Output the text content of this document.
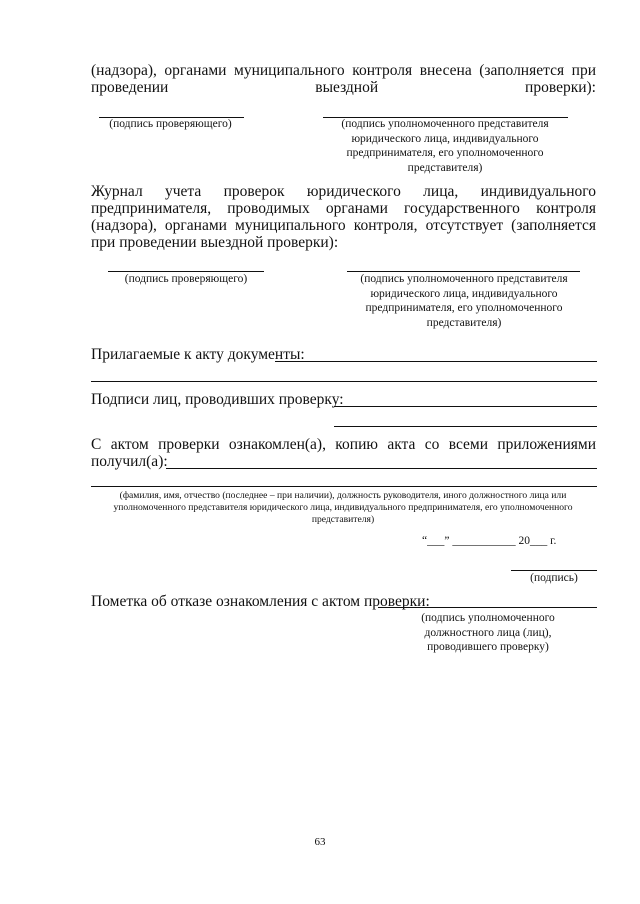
(надзора), органами муниципального контроля внесена (заполняется при проведении выездной проверки):
(подпись проверяющего)	(подпись уполномоченного представителя юридического лица, индивидуального предпринимателя, его уполномоченного представителя)
Журнал учета проверок юридического лица, индивидуального предпринимателя, проводимых органами государственного контроля (надзора), органами муниципального контроля, отсутствует (заполняется при проведении выездной проверки):
(подпись проверяющего)	(подпись уполномоченного представителя юридического лица, индивидуального предпринимателя, его уполномоченного представителя)
Прилагаемые к акту документы:
Подписи лиц, проводивших проверку:
С актом проверки ознакомлен(а), копию акта со всеми приложениями получил(а):
(фамилия, имя, отчество (последнее – при наличии), должность руководителя, иного должностного лица или уполномоченного представителя юридического лица, индивидуального предпринимателя, его уполномоченного представителя)
“___” ___________ 20___ г.
(подпись)
Пометка об отказе ознакомления с актом проверки:
(подпись уполномоченного должностного лица (лиц), проводившего проверку)
63
